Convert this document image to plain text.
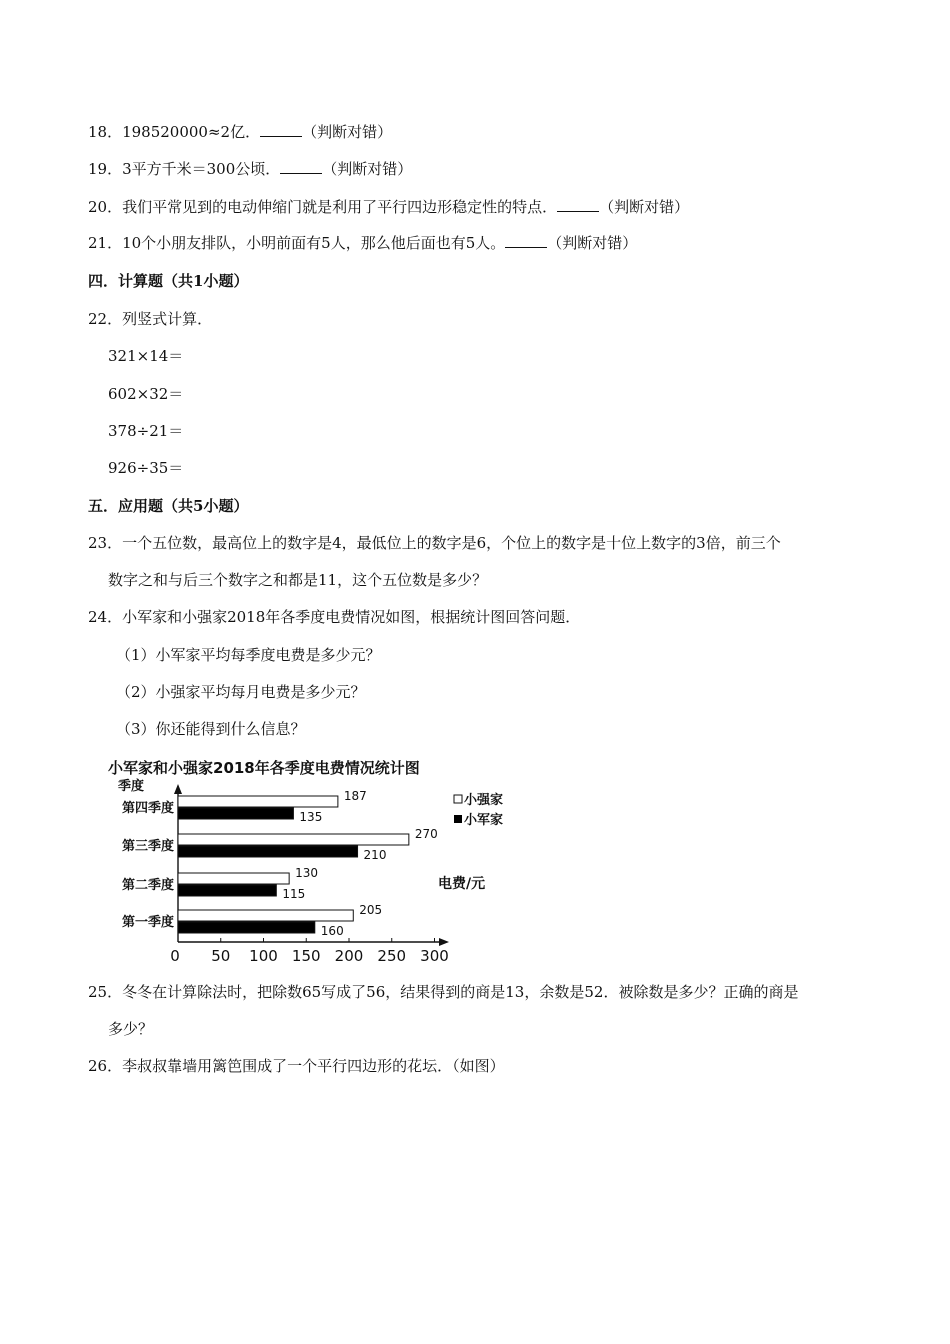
18．198520000≈2亿．	（判断对错）
19．3平方千米＝300公顷．	（判断对错）
20．我们平常见到的电动伸缩门就是利用了平行四边形稳定性的特点．	（判断对错）
21．10个小朋友排队，小明前面有5人，那么他后面也有5人。	（判断对错）
四．计算题（共1小题）
22．列竖式计算．
321×14＝
602×32＝
378÷21＝
926÷35＝
五．应用题（共5小题）
23．一个五位数，最高位上的数字是4，最低位上的数字是6，个位上的数字是十位上数字的3倍，前三个
数字之和与后三个数字之和都是11，这个五位数是多少？
24．小军家和小强家2018年各季度电费情况如图，根据统计图回答问题．
（1）小军家平均每季度电费是多少元？
（2）小强家平均每月电费是多少元？
（3）你还能得到什么信息？
小军家和小强家2018年各季度电费情况统计图
季度
电费/元
205
160
130
115
270
210
187
135
0 50 100 150 200 250 300
第一季度
第二季度
第三季度
第四季度
小强家
小军家
25．冬冬在计算除法时，把除数65写成了56，结果得到的商是13，余数是52．被除数是多少？正确的商是
多少？
26．李叔叔靠墙用篱笆围成了一个平行四边形的花坛．（如图）
